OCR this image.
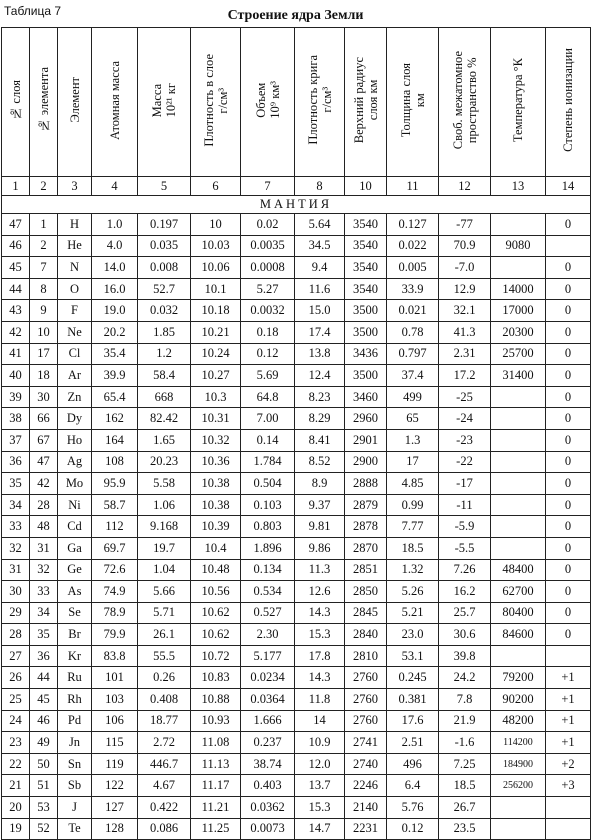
Таблица 7	Строение ядра Земли
№ слоя	№ элемента	Элемент	Атомная масса	Масса 10²¹ кг	Плотность в слое г/см³	Объем 10⁹ км³	Плотность крига г/см³	Верхний радиус слоя км	Толщина слоя км	Своб. межатомное пространство %	Температура °К	Степень ионизации

1	2	3	4	5	6	7	8	10	11	12	13	14
МАНТИЯ												
47	1	H	1.0	0.197	10	0.02	5.64	3540	0.127	-77		0
46	2	He	4.0	0.035	10.03	0.0035	34.5	3540	0.022	70.9	9080	
45	7	N	14.0	0.008	10.06	0.0008	9.4	3540	0.005	-7.0		0
44	8	O	16.0	52.7	10.1	5.27	11.6	3540	33.9	12.9	14000	0
43	9	F	19.0	0.032	10.18	0.0032	15.0	3500	0.021	32.1	17000	0
42	10	Ne	20.2	1.85	10.21	0.18	17.4	3500	0.78	41.3	20300	0
41	17	Cl	35.4	1.2	10.24	0.12	13.8	3436	0.797	2.31	25700	0
40	18	Ar	39.9	58.4	10.27	5.69	12.4	3500	37.4	17.2	31400	0
39	30	Zn	65.4	668	10.3	64.8	8.23	3460	499	-25		0
38	66	Dy	162	82.42	10.31	7.00	8.29	2960	65	-24		0
37	67	Ho	164	1.65	10.32	0.14	8.41	2901	1.3	-23		0
36	47	Ag	108	20.23	10.36	1.784	8.52	2900	17	-22		0
35	42	Mo	95.9	5.58	10.38	0.504	8.9	2888	4.85	-17		0
34	28	Ni	58.7	1.06	10.38	0.103	9.37	2879	0.99	-11		0
33	48	Cd	112	9.168	10.39	0.803	9.81	2878	7.77	-5.9		0
32	31	Ga	69.7	19.7	10.4	1.896	9.86	2870	18.5	-5.5		0
31	32	Ge	72.6	1.04	10.48	0.134	11.3	2851	1.32	7.26	48400	0
30	33	As	74.9	5.66	10.56	0.534	12.6	2850	5.26	16.2	62700	0
29	34	Se	78.9	5.71	10.62	0.527	14.3	2845	5.21	25.7	80400	0
28	35	Br	79.9	26.1	10.62	2.30	15.3	2840	23.0	30.6	84600	0
27	36	Kr	83.8	55.5	10.72	5.177	17.8	2810	53.1	39.8		
26	44	Ru	101	0.26	10.83	0.0234	14.3	2760	0.245	24.2	79200	+1
25	45	Rh	103	0.408	10.88	0.0364	11.8	2760	0.381	7.8	90200	+1
24	46	Pd	106	18.77	10.93	1.666	14	2760	17.6	21.9	48200	+1
23	49	Jn	115	2.72	11.08	0.237	10.9	2741	2.51	-1.6	114200	+1
22	50	Sn	119	446.7	11.13	38.74	12.0	2740	496	7.25	184900	+2
21	51	Sb	122	4.67	11.17	0.403	13.7	2246	6.4	18.5	256200	+3
20	53	J	127	0.422	11.21	0.0362	15.3	2140	5.76	26.7		
19	52	Te	128	0.086	11.25	0.0073	14.7	2231	0.12	23.5		
